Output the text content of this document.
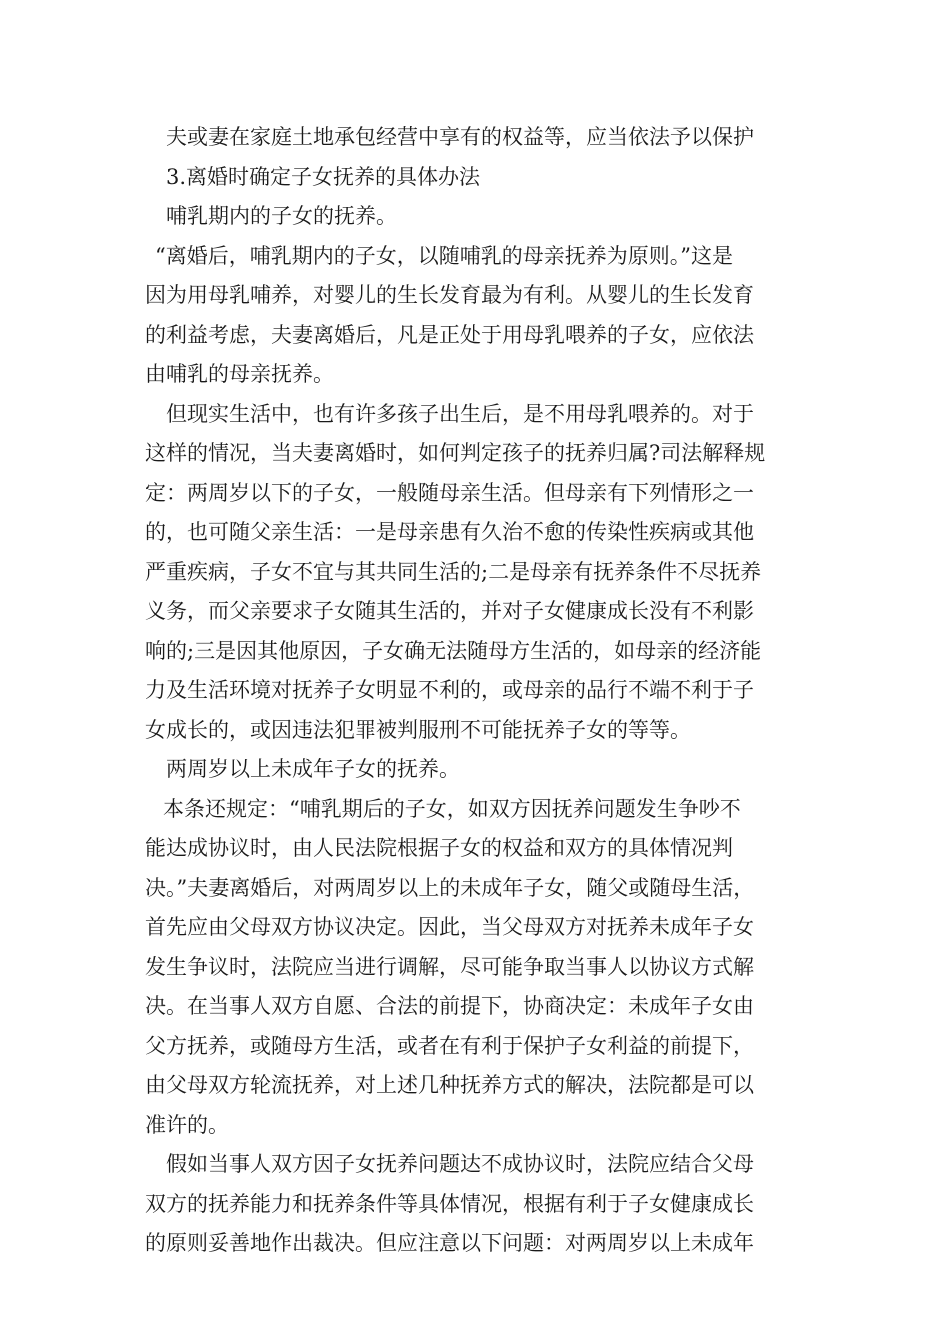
夫或妻在家庭土地承包经营中享有的权益等，应当依法予以保护
3.离婚时确定子女抚养的具体办法
哺乳期内的子女的抚养。
“离婚后，哺乳期内的子女，以随哺乳的母亲抚养为原则。”这是
因为用母乳哺养，对婴儿的生长发育最为有利。从婴儿的生长发育
的利益考虑，夫妻离婚后，凡是正处于用母乳喂养的子女，应依法
由哺乳的母亲抚养。
但现实生活中，也有许多孩子出生后，是不用母乳喂养的。对于
这样的情况，当夫妻离婚时，如何判定孩子的抚养归属?司法解释规
定：两周岁以下的子女，一般随母亲生活。但母亲有下列情形之一
的，也可随父亲生活：一是母亲患有久治不愈的传染性疾病或其他
严重疾病，子女不宜与其共同生活的;二是母亲有抚养条件不尽抚养
义务，而父亲要求子女随其生活的，并对子女健康成长没有不利影
响的;三是因其他原因，子女确无法随母方生活的，如母亲的经济能
力及生活环境对抚养子女明显不利的，或母亲的品行不端不利于子
女成长的，或因违法犯罪被判服刑不可能抚养子女的等等。
两周岁以上未成年子女的抚养。
本条还规定：“哺乳期后的子女，如双方因抚养问题发生争吵不
能达成协议时，由人民法院根据子女的权益和双方的具体情况判
决。”夫妻离婚后，对两周岁以上的未成年子女，随父或随母生活，
首先应由父母双方协议决定。因此，当父母双方对抚养未成年子女
发生争议时，法院应当进行调解，尽可能争取当事人以协议方式解
决。在当事人双方自愿、合法的前提下，协商决定：未成年子女由
父方抚养，或随母方生活，或者在有利于保护子女利益的前提下，
由父母双方轮流抚养，对上述几种抚养方式的解决，法院都是可以
准许的。
假如当事人双方因子女抚养问题达不成协议时，法院应结合父母
双方的抚养能力和抚养条件等具体情况，根据有利于子女健康成长
的原则妥善地作出裁决。但应注意以下问题：对两周岁以上未成年
